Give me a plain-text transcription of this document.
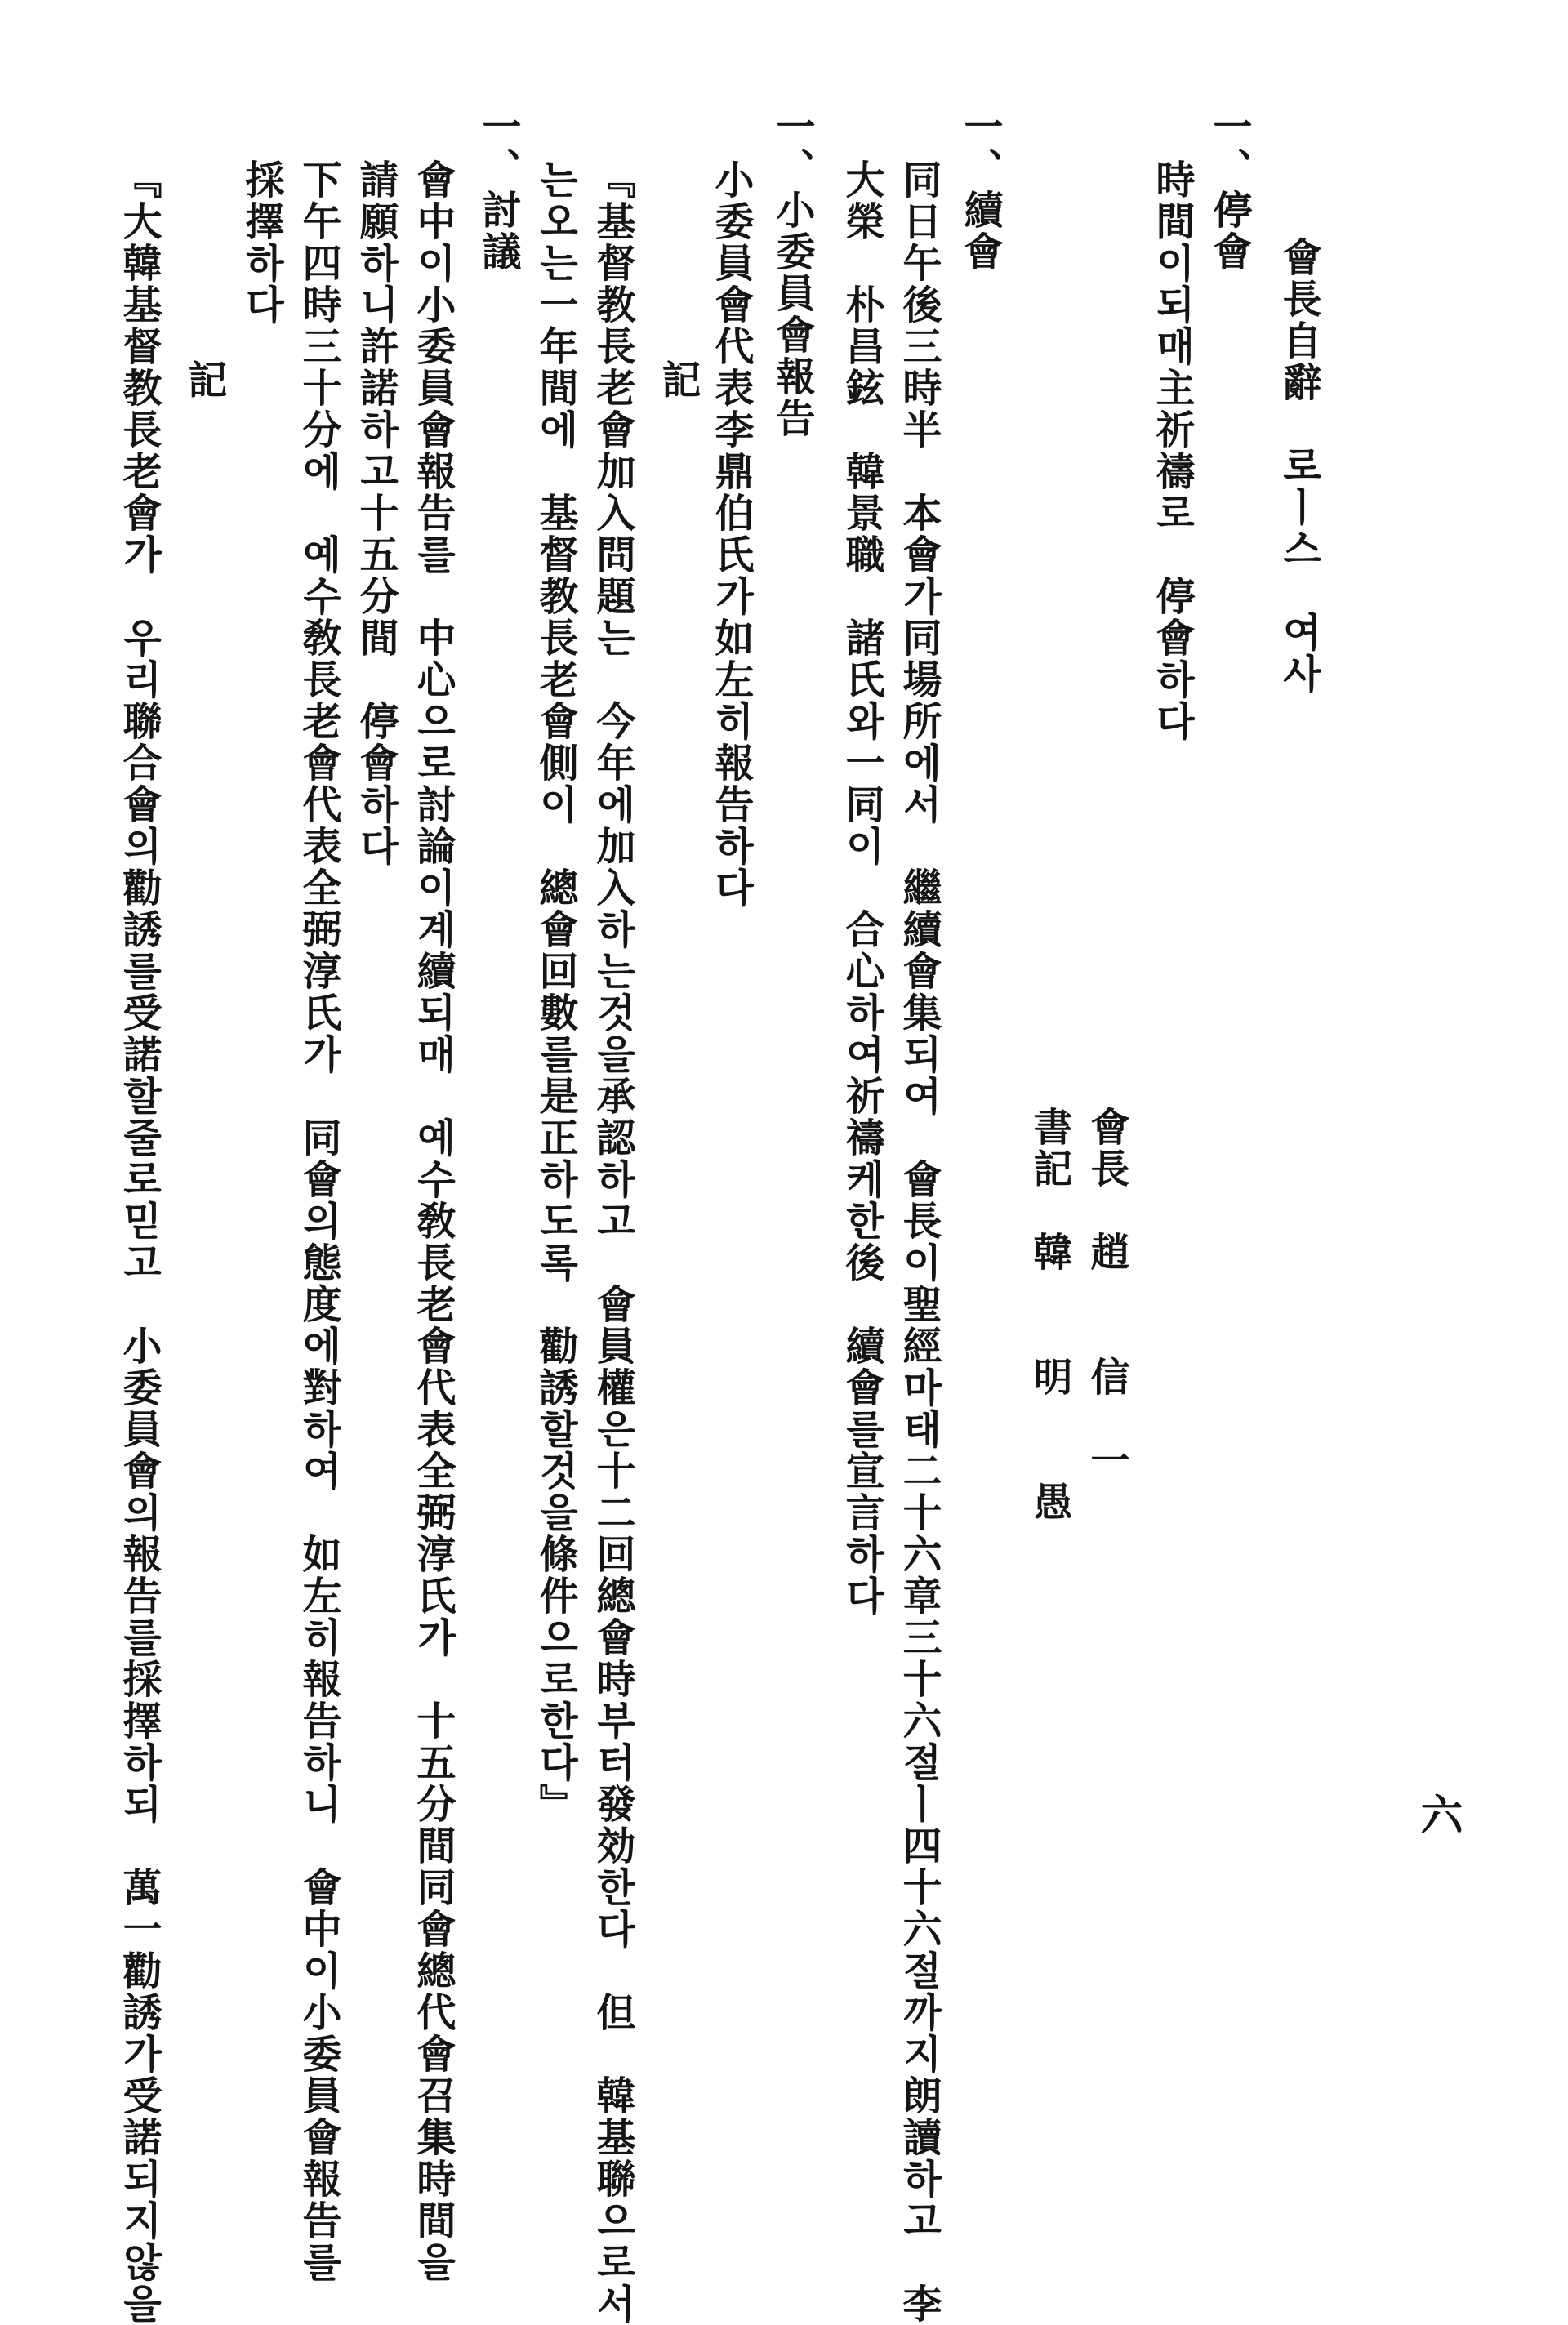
六
會長自辭　로ㅣ스　여사
一、停會
時間이되매主祈禱로　停會하다
會長　趙　　信　一
書記　韓　　明　　愚
一、續會
同日午後三時半　本會가同場所에서　繼續會集되여　會長이聖經마태二十六章三十六절ㅣ四十六절까지朗讀하고　李
大榮　朴昌鉉　韓景職　諸氏와一同이　合心하여祈禱케한後　續會를宣言하다
一、小委員會報告
小委員會代表李鼎伯氏가如左히報告하다
記
『基督教長老會加入問題는　今年에加入하는것을承認하고　會員權은十二回總會時부터發効한다　但　韓基聯으로서
는오는一年間에　基督教長老會側이　總會回數를是正하도록　勸誘할것을條件으로한다』
一、討議
會中이小委員會報告를　中心으로討論이계續되매　예수敎長老會代表全弼淳氏가　十五分間同會總代會召集時間을
請願하니許諾하고十五分間　停會하다
下午四時三十分에　예수敎長老會代表全弼淳氏가　同會의態度에對하여　如左히報告하니　會中이小委員會報告를
採擇하다
記
『大韓基督教長老會가　우리聯合會의勸誘를受諾할줄로믿고　小委員會의報告를採擇하되　萬一勸誘가受諾되지않을
